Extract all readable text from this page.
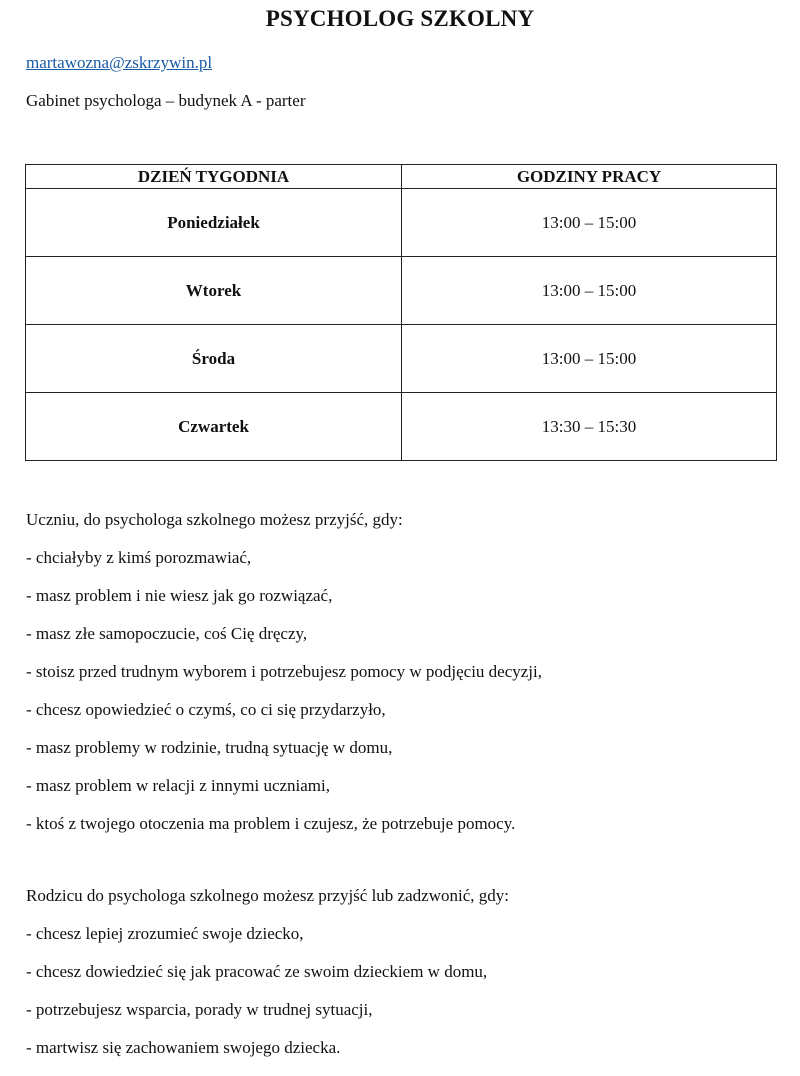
PSYCHOLOG SZKOLNY
martawozna@zskrzywin.pl
Gabinet psychologa – budynek A - parter
DZIEŃ TYGODNIA	GODZINY PRACY
Poniedziałek	13:00 – 15:00
Wtorek	13:00 – 15:00
Środa	13:00 – 15:00
Czwartek	13:30 – 15:30
Uczniu, do psychologa szkolnego możesz przyjść, gdy:
- chciałyby z kimś porozmawiać,
- masz problem i nie wiesz jak go rozwiązać,
- masz złe samopoczucie, coś Cię dręczy,
- stoisz przed trudnym wyborem i potrzebujesz pomocy w podjęciu decyzji,
- chcesz opowiedzieć o czymś, co ci się przydarzyło,
- masz problemy w rodzinie, trudną sytuację w domu,
- masz problem w relacji z innymi uczniami,
- ktoś z twojego otoczenia ma problem i czujesz, że potrzebuje pomocy.
Rodzicu do psychologa szkolnego możesz przyjść lub zadzwonić, gdy:
- chcesz lepiej zrozumieć swoje dziecko,
- chcesz dowiedzieć się jak pracować ze swoim dzieckiem w domu,
- potrzebujesz wsparcia, porady w trudnej sytuacji,
- martwisz się zachowaniem swojego dziecka.
